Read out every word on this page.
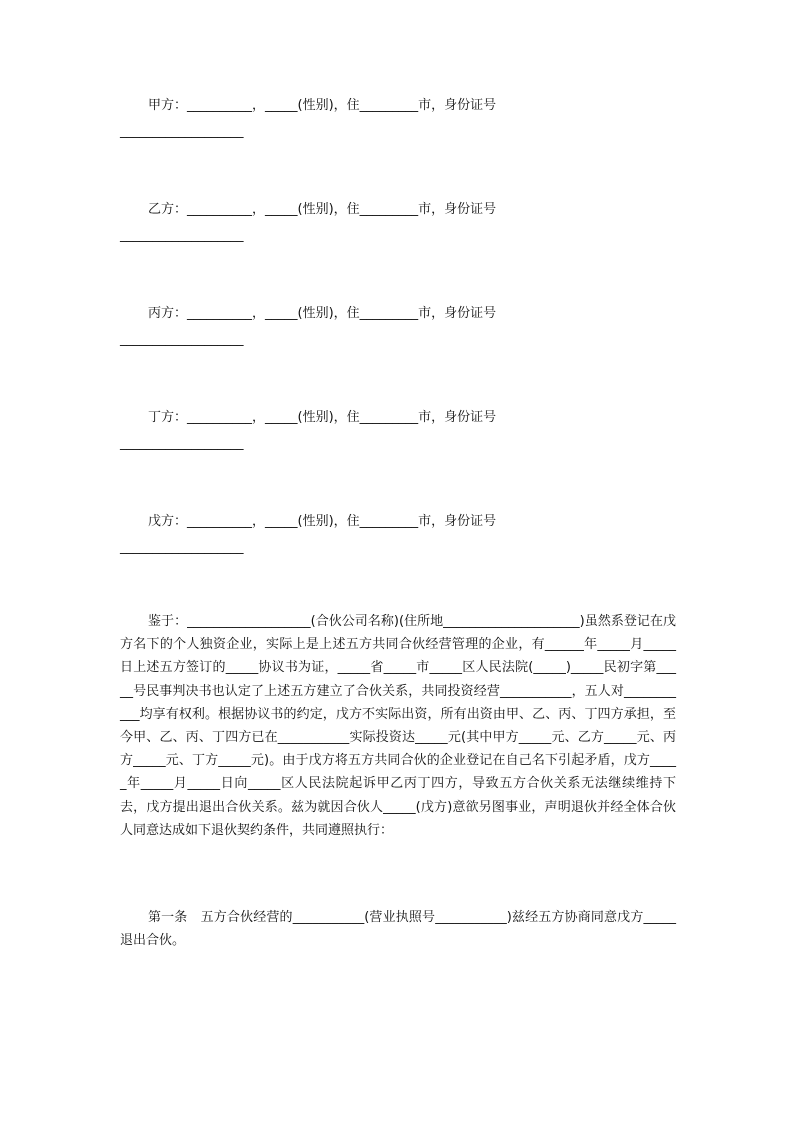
甲方：__________，_____(性别)，住_________市，身份证号
___________________

乙方：__________，_____(性别)，住_________市，身份证号
___________________

丙方：__________，_____(性别)，住_________市，身份证号
___________________

丁方：__________，_____(性别)，住_________市，身份证号
___________________

戊方：__________，_____(性别)，住_________市，身份证号
___________________

鉴于：___________________(合伙公司名称)(住所地_____________________)虽然系登记在戊方名下的个人独资企业，实际上是上述五方共同合伙经营管理的企业，有______年_____月_____日上述五方签订的_____协议书为证，_____省_____市_____区人民法院(_____)_____民初字第_____号民事判决书也认定了上述五方建立了合伙关系，共同投资经营___________，五人对___________均享有权利。根据协议书的约定，戊方不实际出资，所有出资由甲、乙、丙、丁四方承担，至今甲、乙、丙、丁四方已在___________实际投资达_____元(其中甲方_____元、乙方_____元、丙方_____元、丁方_____元)。由于戊方将五方共同合伙的企业登记在自己名下引起矛盾，戊方_____年_____月_____日向_____区人民法院起诉甲乙丙丁四方，导致五方合伙关系无法继续维持下去，戊方提出退出合伙关系。兹为就因合伙人_____(戊方)意欲另图事业，声明退伙并经全体合伙人同意达成如下退伙契约条件，共同遵照执行：

第一条　五方合伙经营的___________(营业执照号___________)兹经五方协商同意戊方_____退出合伙。
